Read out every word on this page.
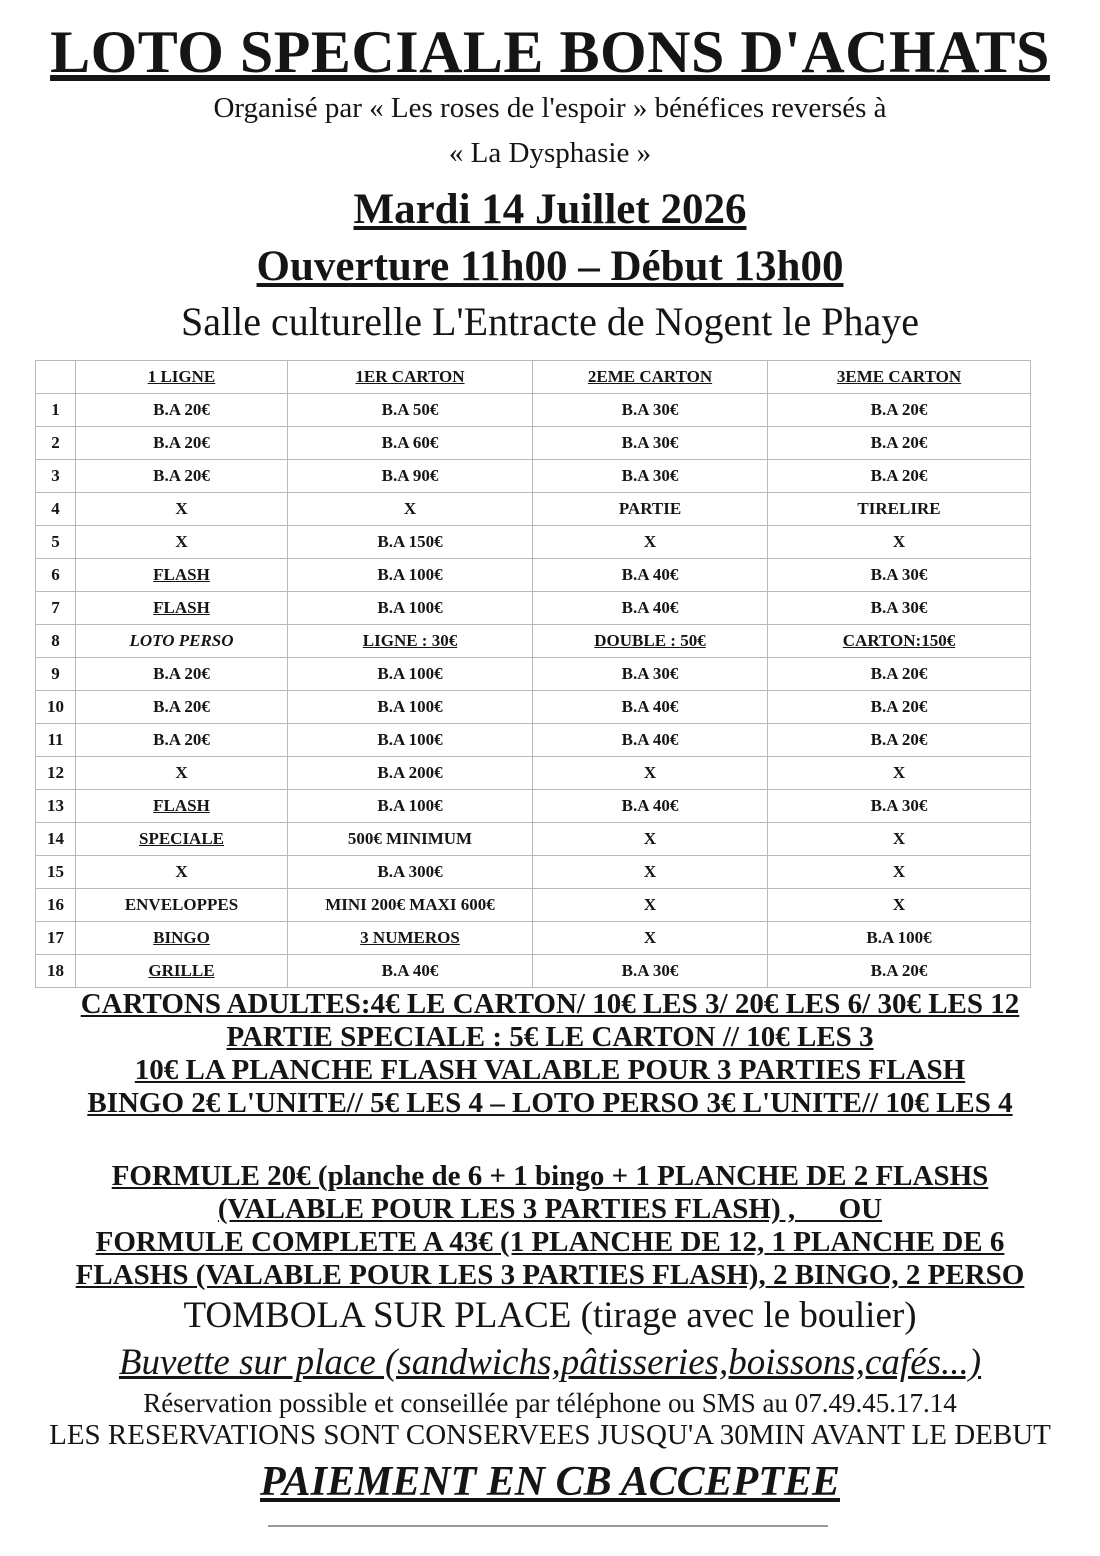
LOTO SPECIALE BONS D'ACHATS
Organisé par « Les roses de l'espoir » bénéfices reversés à
« La Dysphasie »
Mardi 14 Juillet 2026
Ouverture 11h00 – Début 13h00
Salle culturelle L'Entracte de Nogent le Phaye
	1 LIGNE	1ER CARTON	2EME CARTON	3EME CARTON
1	B.A 20€	B.A 50€	B.A 30€	B.A 20€
2	B.A 20€	B.A 60€	B.A 30€	B.A 20€
3	B.A 20€	B.A 90€	B.A 30€	B.A 20€
4	X	X	PARTIE	TIRELIRE
5	X	B.A 150€	X	X
6	FLASH	B.A 100€	B.A 40€	B.A 30€
7	FLASH	B.A 100€	B.A 40€	B.A 30€
8	LOTO PERSO	LIGNE : 30€	DOUBLE : 50€	CARTON:150€
9	B.A 20€	B.A 100€	B.A 30€	B.A 20€
10	B.A 20€	B.A 100€	B.A 40€	B.A 20€
11	B.A 20€	B.A 100€	B.A 40€	B.A 20€
12	X	B.A 200€	X	X
13	FLASH	B.A 100€	B.A 40€	B.A 30€
14	SPECIALE	500€ MINIMUM	X	X
15	X	B.A 300€	X	X
16	ENVELOPPES	MINI 200€ MAXI 600€	X	X
17	BINGO	3 NUMEROS	X	B.A 100€
18	GRILLE	B.A 40€	B.A 30€	B.A 20€
CARTONS ADULTES:4€ LE CARTON/ 10€ LES 3/ 20€ LES 6/ 30€ LES 12
PARTIE SPECIALE : 5€ LE CARTON // 10€ LES 3
10€ LA PLANCHE FLASH VALABLE POUR 3 PARTIES FLASH
BINGO 2€ L'UNITE// 5€ LES 4 – LOTO PERSO 3€ L'UNITE// 10€ LES 4
FORMULE 20€ (planche de 6 + 1 bingo + 1 PLANCHE DE 2 FLASHS
(VALABLE POUR LES 3 PARTIES FLASH) ,      OU
FORMULE COMPLETE A 43€ (1 PLANCHE DE 12, 1 PLANCHE DE 6
FLASHS (VALABLE POUR LES 3 PARTIES FLASH), 2 BINGO, 2 PERSO
TOMBOLA SUR PLACE (tirage avec le boulier)
Buvette sur place (sandwichs,pâtisseries,boissons,cafés...)
Réservation possible et conseillée par téléphone ou SMS au 07.49.45.17.14
LES RESERVATIONS SONT CONSERVEES JUSQU'A 30MIN AVANT LE DEBUT
PAIEMENT EN CB ACCEPTEE
